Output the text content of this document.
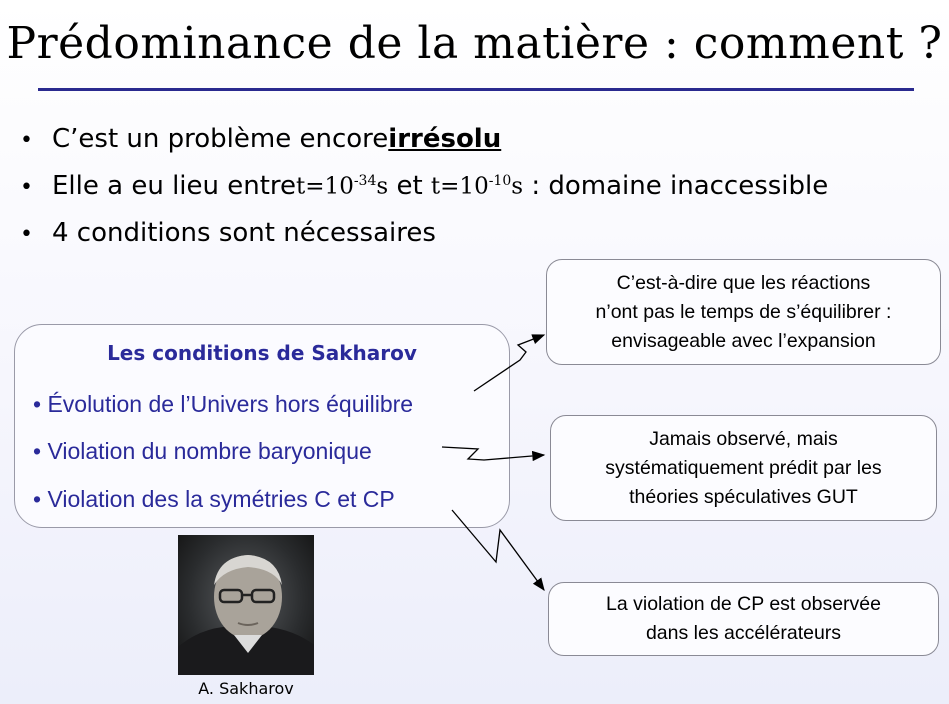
Prédominance de la matière : comment ?
• C’est un problème encore irrésolu
• Elle a eu lieu entre $t=10^{-34}s$ et $t=10^{-10}s$ : domaine inaccessible
• 4 conditions sont nécessaires
Les conditions de Sakharov
• Évolution de l’Univers hors équilibre
• Violation du nombre baryonique
• Violation des la symétries C et CP
C’est-à-dire que les réactions
n’ont pas le temps de s’équilibrer :
envisageable avec l’expansion
Jamais observé, mais
systématiquement prédit par les
théories spéculatives GUT
La violation de CP est observée
dans les accélérateurs
A. Sakharov
